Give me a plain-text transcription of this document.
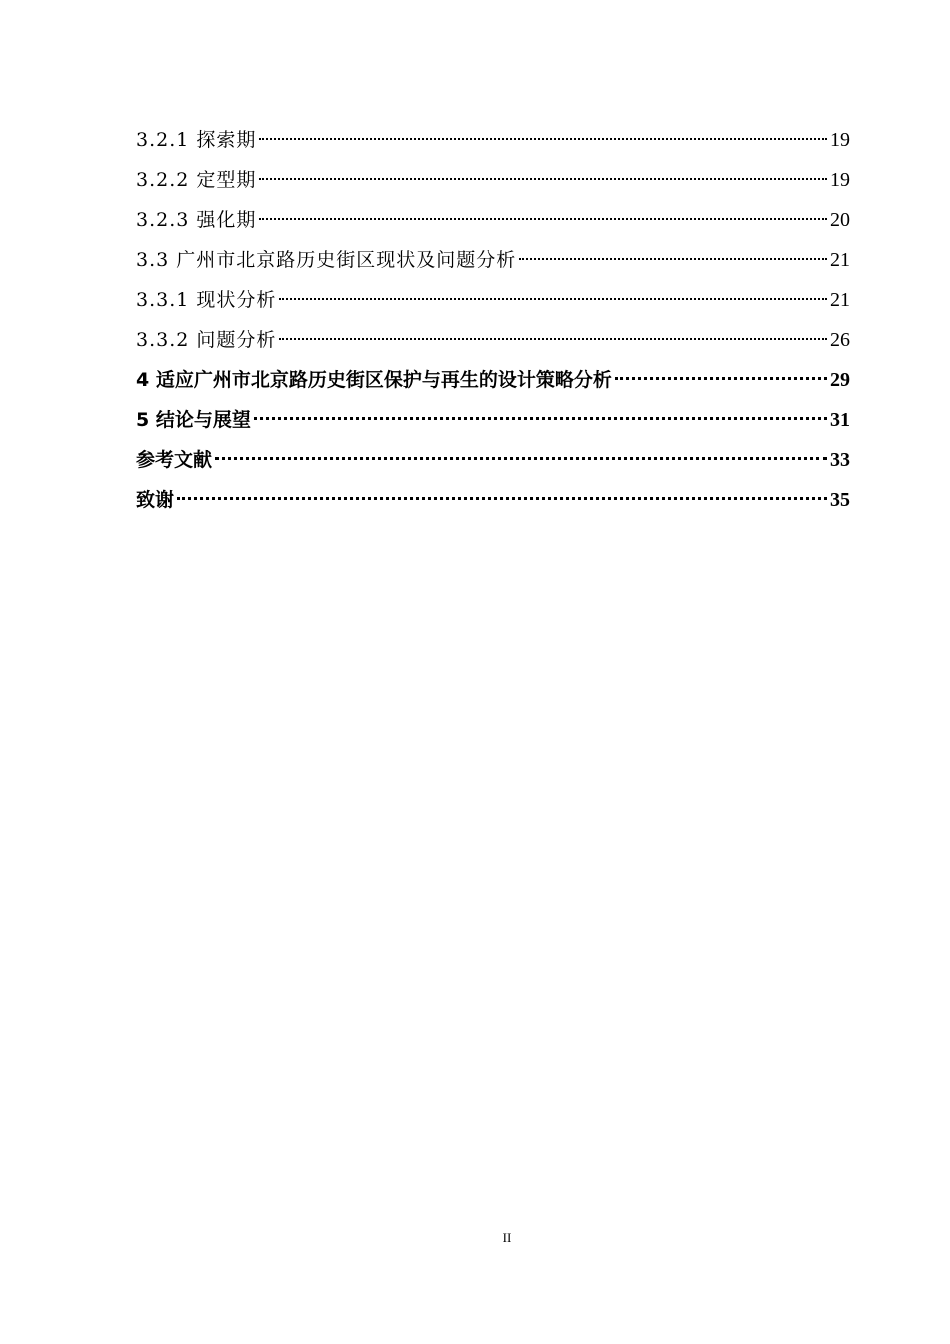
3.2.1 探索期	19
3.2.2 定型期	19
3.2.3 强化期	20
3.3 广州市北京路历史街区现状及问题分析	21
3.3.1 现状分析	21
3.3.2 问题分析	26
4 适应广州市北京路历史街区保护与再生的设计策略分析	29
5 结论与展望	31
参考文献	33
致谢	35
II
